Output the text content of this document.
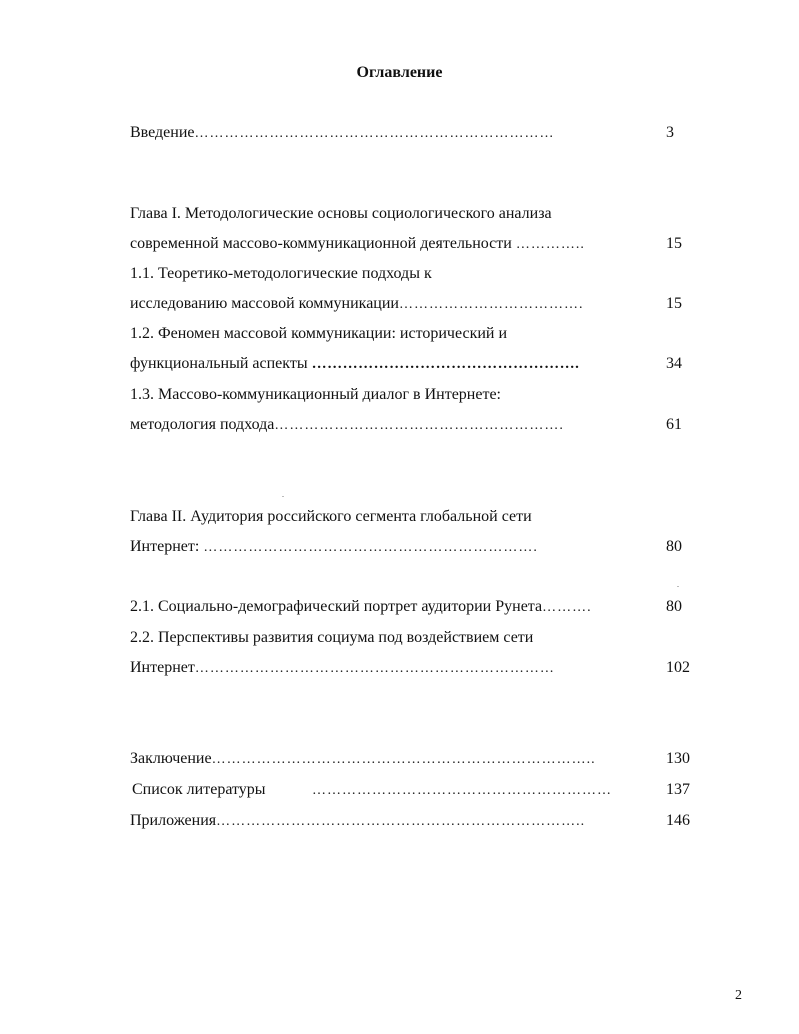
Оглавление
Введение………………………………………………………………	3
Глава I. Методологические основы социологического анализа
современной массово-коммуникационной деятельности …………..	15
1.1. Теоретико-методологические подходы к
исследованию массовой коммуникации……………………………….	15
1.2. Феномен массовой коммуникации: исторический и
функциональный аспекты …………………………………………….	34
1.3. Массово-коммуникационный диалог в Интернете:
методология подхода………………………………………………….	61
Глава II. Аудитория российского сегмента глобальной сети
Интернет: ………………………………………………………….	80
2.1. Социально-демографический портрет аудитории Рунета……….	80
2.2. Перспективы развития социума под воздействием сети
Интернет………………………………………………………………	102
Заключение…………………………………………………………………..	130
Список литературы	……………………………………………………	137
Приложения………………………………………………………………..	146
2
